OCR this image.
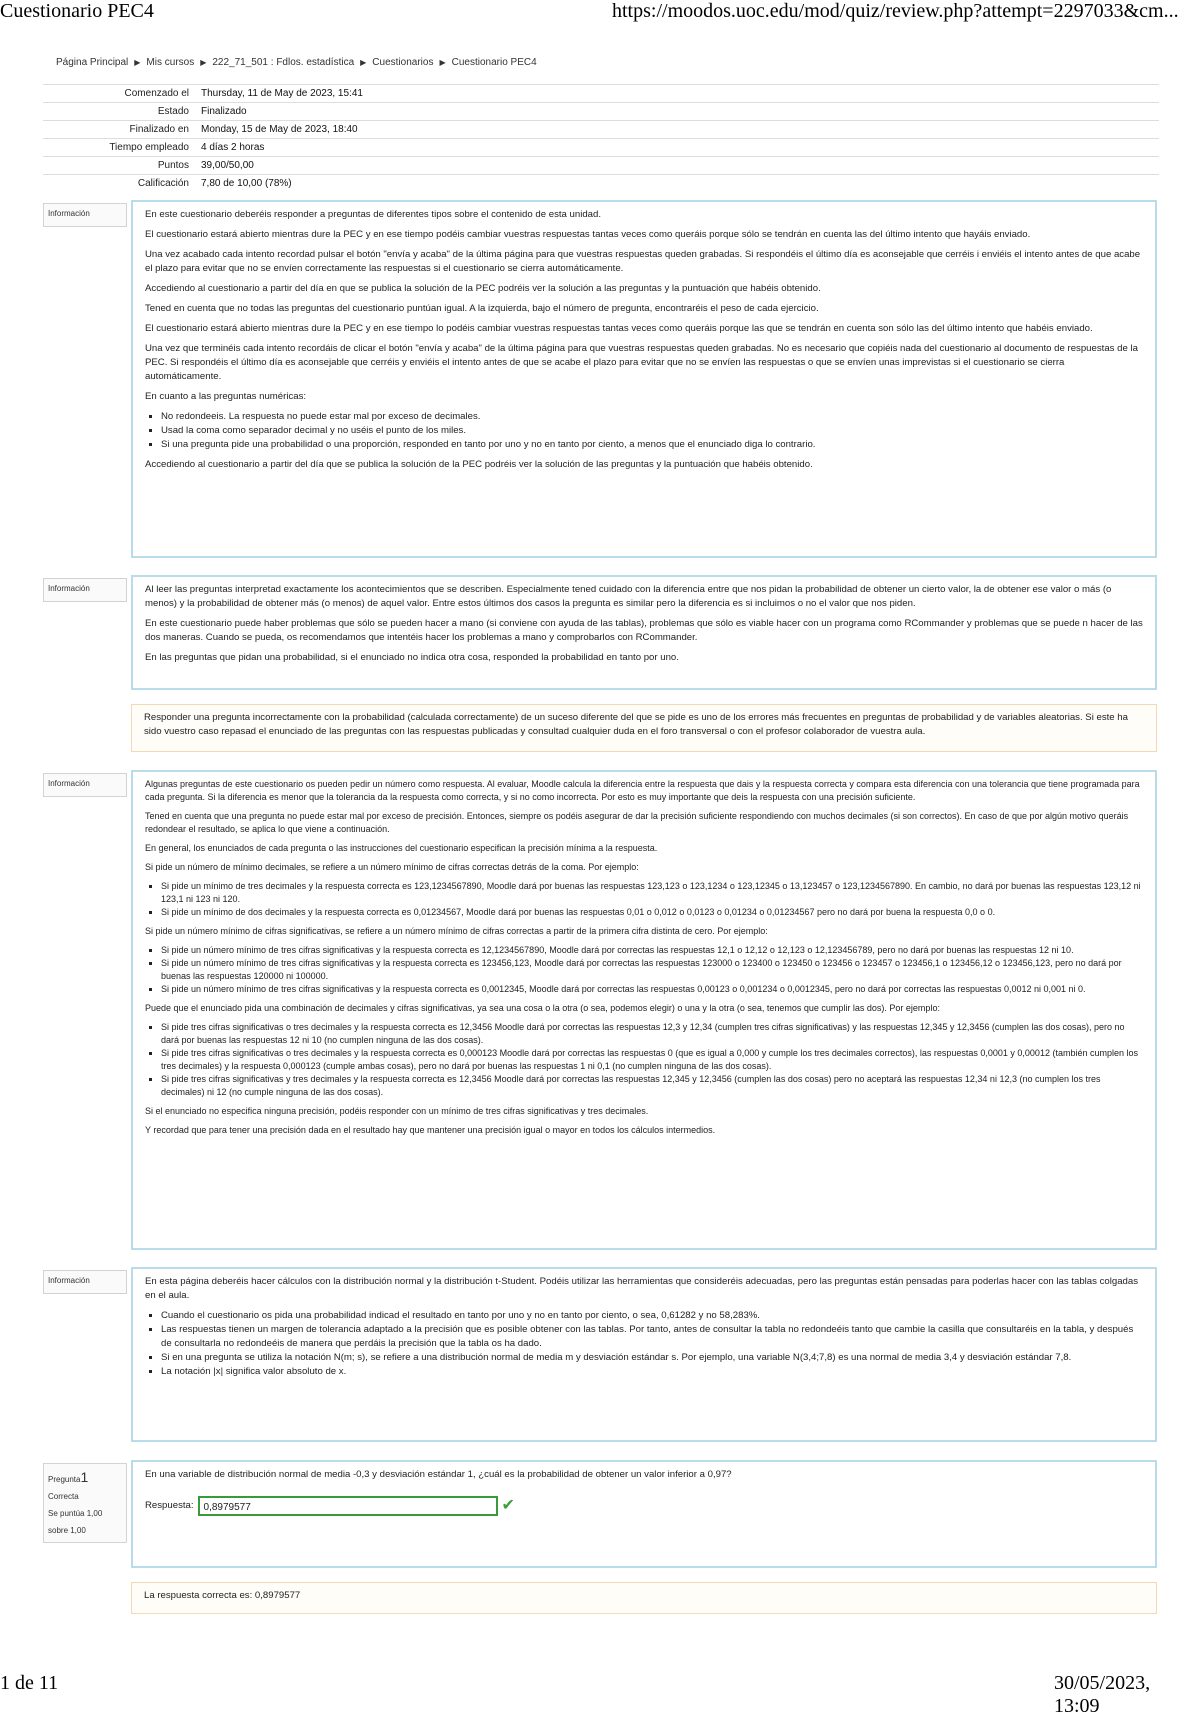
Cuestionario PEC4	https://moodos.uoc.edu/mod/quiz/review.php?attempt=2297033&cm...
1 de 11	30/05/2023, 13:09
Página Principal ▶ Mis cursos ▶ 222_71_501 : Fdlos. estadística ▶ Cuestionarios ▶ Cuestionario PEC4
Comenzado el	Thursday, 11 de May de 2023, 15:41
Estado	Finalizado
Finalizado en	Monday, 15 de May de 2023, 18:40
Tiempo empleado	4 días 2 horas
Puntos	39,00/50,00
Calificación	7,80 de 10,00 (78%)
Información	En este cuestionario deberéis responder a preguntas de diferentes tipos sobre el contenido de esta unidad.

El cuestionario estará abierto mientras dure la PEC y en ese tiempo podéis cambiar vuestras respuestas tantas veces como queráis porque sólo se tendrán en cuenta las del último intento que hayáis enviado.

Una vez acabado cada intento recordad pulsar el botón "envía y acaba" de la última página para que vuestras respuestas queden grabadas. Si respondéis el último día es aconsejable que cerréis i enviéis el intento antes de que acabe el plazo para evitar que no se envíen correctamente las respuestas si el cuestionario se cierra automáticamente.

Accediendo al cuestionario a partir del día en que se publica la solución de la PEC podréis ver la solución a las preguntas y la puntuación que habéis obtenido.

Tened en cuenta que no todas las preguntas del cuestionario puntúan igual. A la izquierda, bajo el número de pregunta, encontraréis el peso de cada ejercicio.

El cuestionario estará abierto mientras dure la PEC y en ese tiempo lo podéis cambiar vuestras respuestas tantas veces como queráis porque las que se tendrán en cuenta son sólo las del último intento que habéis enviado.

Una vez que terminéis cada intento recordáis de clicar el botón "envía y acaba" de la última página para que vuestras respuestas queden grabadas. No es necesario que copiéis nada del cuestionario al documento de respuestas de la PEC. Si respondéis el último día es aconsejable que cerréis y enviéis el intento antes de que se acabe el plazo para evitar que no se envíen las respuestas o que se envíen unas imprevistas si el cuestionario se cierra automáticamente.

En cuanto a las preguntas numéricas:

▪ No redondeeis. La respuesta no puede estar mal por exceso de decimales.
▪ Usad la coma como separador decimal y no uséis el punto de los miles.
▪ Si una pregunta pide una probabilidad o una proporción, responded en tanto por uno y no en tanto por ciento, a menos que el enunciado diga lo contrario.

Accediendo al cuestionario a partir del día que se publica la solución de la PEC podréis ver la solución de las preguntas y la puntuación que habéis obtenido.

Información	Al leer las preguntas interpretad exactamente los acontecimientos que se describen. Especialmente tened cuidado con la diferencia entre que nos pidan la probabilidad de obtener un cierto valor, la de obtener ese valor o más (o menos) y la probabilidad de obtener más (o menos) de aquel valor. Entre estos últimos dos casos la pregunta es similar pero la diferencia es si incluimos o no el valor que nos piden.

En este cuestionario puede haber problemas que sólo se pueden hacer a mano (si conviene con ayuda de las tablas), problemas que sólo es viable hacer con un programa como RCommander y problemas que se puede n hacer de las dos maneras. Cuando se pueda, os recomendamos que intentéis hacer los problemas a mano y comprobarlos con RCommander.

En las preguntas que pidan una probabilidad, si el enunciado no indica otra cosa, responded la probabilidad en tanto por uno.

Responder una pregunta incorrectamente con la probabilidad (calculada correctamente) de un suceso diferente del que se pide es uno de los errores más frecuentes en preguntas de probabilidad y de variables aleatorias. Si este ha sido vuestro caso repasad el enunciado de las preguntas con las respuestas publicadas y consultad cualquier duda en el foro transversal o con el profesor colaborador de vuestra aula.

Información	Algunas preguntas de este cuestionario os pueden pedir un número como respuesta. Al evaluar, Moodle calcula la diferencia entre la respuesta que dais y la respuesta correcta y compara esta diferencia con una tolerancia que tiene programada para cada pregunta. Si la diferencia es menor que la tolerancia da la respuesta como correcta, y si no como incorrecta. Por esto es muy importante que deis la respuesta con una precisión suficiente.

Tened en cuenta que una pregunta no puede estar mal por exceso de precisión. Entonces, siempre os podéis asegurar de dar la precisión suficiente respondiendo con muchos decimales (si son correctos). En caso de que por algún motivo queráis redondear el resultado, se aplica lo que viene a continuación.

En general, los enunciados de cada pregunta o las instrucciones del cuestionario especifican la precisión mínima a la respuesta.

Si pide un número de mínimo decimales, se refiere a un número mínimo de cifras correctas detrás de la coma. Por ejemplo:

▪ Si pide un mínimo de tres decimales y la respuesta correcta es 123,1234567890, Moodle dará por buenas las respuestas 123,123 o 123,1234 o 123,12345 o 13,123457 o 123,1234567890. En cambio, no dará por buenas las respuestas 123,12 ni 123,1 ni 123 ni 120.
▪ Si pide un mínimo de dos decimales y la respuesta correcta es 0,01234567, Moodle dará por buenas las respuestas 0,01 o 0,012 o 0,0123 o 0,01234 o 0,01234567 pero no dará por buena la respuesta 0,0 o 0.

Si pide un número mínimo de cifras significativas, se refiere a un número mínimo de cifras correctas a partir de la primera cifra distinta de cero. Por ejemplo:

▪ Si pide un número mínimo de tres cifras significativas y la respuesta correcta es 12,1234567890, Moodle dará por correctas las respuestas 12,1 o 12,12 o 12,123 o 12,123456789, pero no dará por buenas las respuestas 12 ni 10.
▪ Si pide un número mínimo de tres cifras significativas y la respuesta correcta es 123456,123, Moodle dará por correctas las respuestas 123000 o 123400 o 123450 o 123456 o 123457 o 123456,1 o 123456,12 o 123456,123, pero no dará por buenas las respuestas 120000 ni 100000.
▪ Si pide un número mínimo de tres cifras significativas y la respuesta correcta es 0,0012345, Moodle dará por correctas las respuestas 0,00123 o 0,001234 o 0,0012345, pero no dará por correctas las respuestas 0,0012 ni 0,001 ni 0.

Puede que el enunciado pida una combinación de decimales y cifras significativas, ya sea una cosa o la otra (o sea, podemos elegir) o una y la otra (o sea, tenemos que cumplir las dos). Por ejemplo:

▪ Si pide tres cifras significativas o tres decimales y la respuesta correcta es 12,3456 Moodle dará por correctas las respuestas 12,3 y 12,34 (cumplen tres cifras significativas) y las respuestas 12,345 y 12,3456 (cumplen las dos cosas), pero no dará por buenas las respuestas 12 ni 10 (no cumplen ninguna de las dos cosas).
▪ Si pide tres cifras significativas o tres decimales y la respuesta correcta es 0,000123 Moodle dará por correctas las respuestas 0 (que es igual a 0,000 y cumple los tres decimales correctos), las respuestas 0,0001 y 0,00012 (también cumplen los tres decimales) y la respuesta 0,000123 (cumple ambas cosas), pero no dará por buenas las respuestas 1 ni 0,1 (no cumplen ninguna de las dos cosas).
▪ Si pide tres cifras significativas y tres decimales y la respuesta correcta es 12,3456 Moodle dará por correctas las respuestas 12,345 y 12,3456 (cumplen las dos cosas) pero no aceptará las respuestas 12,34 ni 12,3 (no cumplen los tres decimales) ni 12 (no cumple ninguna de las dos cosas).

Si el enunciado no especifica ninguna precisión, podéis responder con un mínimo de tres cifras significativas y tres decimales.

Y recordad que para tener una precisión dada en el resultado hay que mantener una precisión igual o mayor en todos los cálculos intermedios.

Información	En esta página deberéis hacer cálculos con la distribución normal y la distribución t-Student. Podéis utilizar las herramientas que consideréis adecuadas, pero las preguntas están pensadas para poderlas hacer con las tablas colgadas en el aula.

▪ Cuando el cuestionario os pida una probabilidad indicad el resultado en tanto por uno y no en tanto por ciento, o sea, 0,61282 y no 58,283%.
▪ Las respuestas tienen un margen de tolerancia adaptado a la precisión que es posible obtener con las tablas. Por tanto, antes de consultar la tabla no redondeéis tanto que cambie la casilla que consultaréis en la tabla, y después de consultarla no redondeéis de manera que perdáis la precisión que la tabla os ha dado.
▪ Si en una pregunta se utiliza la notación N(m; s), se refiere a una distribución normal de media m y desviación estándar s. Por ejemplo, una variable N(3,4;7,8) es una normal de media 3,4 y desviación estándar 7,8.
▪ La notación |x| significa valor absoluto de x.
Pregunta1
Correcta
Se puntúa 1,00 sobre 1,00

En una variable de distribución normal de media -0,3 y desviación estándar 1, ¿cuál es la probabilidad de obtener un valor inferior a 0,97?

Respuesta:	0,8979577	✔

La respuesta correcta es: 0,8979577
